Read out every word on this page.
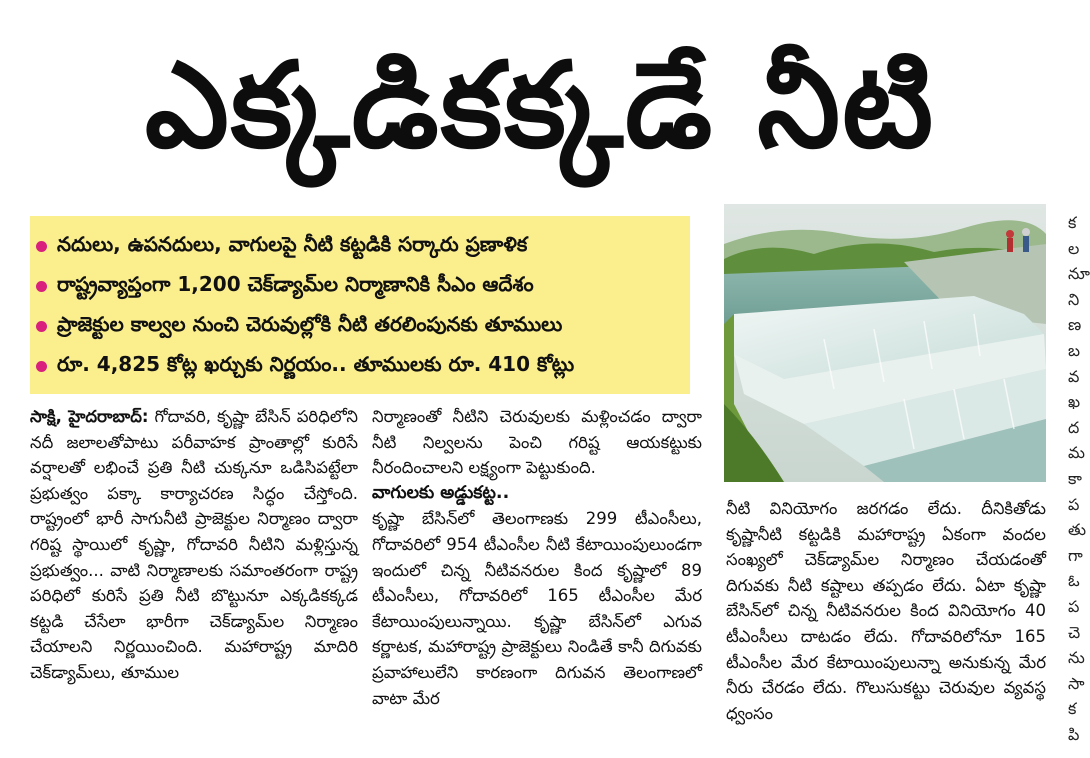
ఎక్కడికక్కడే నీటి
నదులు, ఉపనదులు, వాగులపై నీటి కట్టడికి సర్కారు ప్రణాళిక
రాష్ట్రవ్యాప్తంగా 1,200 చెక్‌డ్యామ్‌ల నిర్మాణానికి సీఎం ఆదేశం
ప్రాజెక్టుల కాల్వల నుంచి చెరువుల్లోకి నీటి తరలింపునకు తూములు
రూ. 4,825 కోట్ల ఖర్చుకు నిర్ణయం.. తూములకు రూ. 410 కోట్లు

సాక్షి, హైదరాబాద్: గోదావరి, కృష్ణా బేసిన్ పరిధిలోని నదీ జలాలతోపాటు పరీవాహక ప్రాంతాల్లో కురిసే వర్షాలతో లభించే ప్రతి నీటి చుక్కనూ ఒడిసిపట్టేలా ప్రభుత్వం పక్కా కార్యాచరణ సిద్ధం చేస్తోంది. రాష్ట్రంలో భారీ సాగునీటి ప్రాజెక్టుల నిర్మాణం ద్వారా గరిష్ట స్థాయిలో కృష్ణా, గోదావరి నీటిని మళ్లిస్తున్న ప్రభుత్వం... వాటి నిర్మాణాలకు సమాంతరంగా రాష్ట్ర పరిధిలో కురిసే ప్రతి నీటి బొట్టునూ ఎక్కడికక్కడ కట్టడి చేసేలా భారీగా చెక్‌డ్యామ్‌ల నిర్మాణం చేయాలని నిర్ణయించింది. మహారాష్ట్ర మాదిరి చెక్‌డ్యామ్‌లు, తూముల

నిర్మాణంతో నీటిని చెరువులకు మళ్లించడం ద్వారా నీటి నిల్వలను పెంచి గరిష్ట ఆయకట్టుకు నీరందించాలని లక్ష్యంగా పెట్టుకుంది.

వాగులకు అడ్డుకట్ట..

కృష్ణా బేసిన్‌లో తెలంగాణకు 299 టీఎంసీలు, గోదావరిలో 954 టీఎంసీల నీటి కేటాయింపులుండగా ఇందులో చిన్న నీటివనరుల కింద కృష్ణాలో 89 టీఎంసీలు, గోదావరిలో 165 టీఎంసీల మేర కేటాయింపులున్నాయి. కృష్ణా బేసిన్‌లో ఎగువ కర్ణాటక, మహారాష్ట్ర ప్రాజెక్టులు నిండితే కానీ దిగువకు ప్రవాహాలులేని కారణంగా దిగువన తెలంగాణలో వాటా మేర

నీటి వినియోగం జరగడం లేదు. దీనికితోడు కృష్ణానీటి కట్టడికి మహారాష్ట్ర ఏకంగా వందల సంఖ్యలో చెక్‌డ్యామ్‌ల నిర్మాణం చేయడంతో దిగువకు నీటి కష్టాలు తప్పడం లేదు. ఏటా కృష్ణా బేసిన్‌లో చిన్న నీటివనరుల కింద వినియోగం 40 టీఎంసీలు దాటడం లేదు. గోదావరిలోనూ 165 టీఎంసీల మేర కేటాయింపులున్నా అనుకున్న మేర నీరు చేరడం లేదు. గొలుసుకట్టు చెరువుల వ్యవస్థ ధ్వంసం

క
ల
నూ
ని
ణ
బ
వ
ఖ
ద
మ
కా
ప
తు
గా
ఓ
ప
చె
ను
సా
క
పి
